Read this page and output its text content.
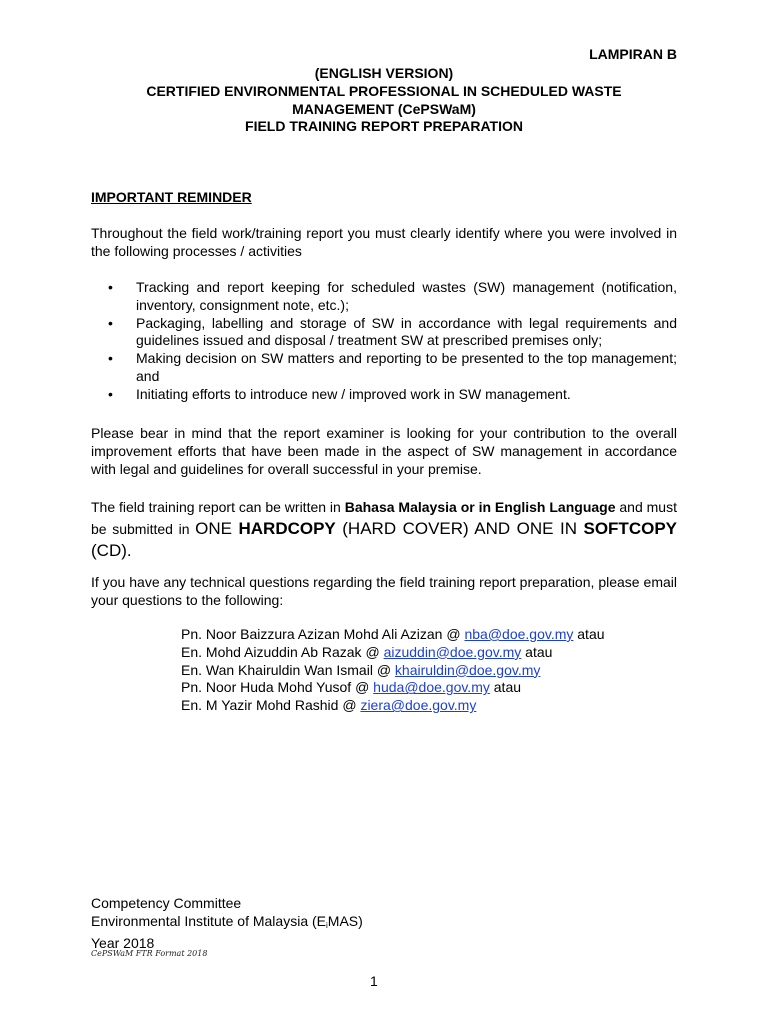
LAMPIRAN B
(ENGLISH VERSION)
CERTIFIED ENVIRONMENTAL PROFESSIONAL IN SCHEDULED WASTE
MANAGEMENT (CePSWaM)
FIELD TRAINING REPORT PREPARATION
IMPORTANT REMINDER
Throughout the field work/training report you must clearly identify where you were involved in the following processes / activities
• Tracking and report keeping for scheduled wastes (SW) management (notification, inventory, consignment note, etc.);
• Packaging, labelling and storage of SW in accordance with legal requirements and guidelines issued and disposal / treatment SW at prescribed premises only;
• Making decision on SW matters and reporting to be presented to the top management; and
• Initiating efforts to introduce new / improved work in SW management.
Please bear in mind that the report examiner is looking for your contribution to the overall improvement efforts that have been made in the aspect of SW management in accordance with legal and guidelines for overall successful in your premise.
The field training report can be written in Bahasa Malaysia or in English Language and must be submitted in ONE HARDCOPY (HARD COVER) AND ONE IN SOFTCOPY (CD).
If you have any technical questions regarding the field training report preparation, please email your questions to the following:
Pn. Noor Baizzura Azizan Mohd Ali Azizan @ nba@doe.gov.my atau
En. Mohd Aizuddin Ab Razak @ aizuddin@doe.gov.my atau
En. Wan Khairuldin Wan Ismail @ khairuldin@doe.gov.my
Pn. Noor Huda Mohd Yusof @ huda@doe.gov.my atau
En. M Yazir Mohd Rashid @ ziera@doe.gov.my
Competency Committee
Environmental Institute of Malaysia $(E_iMAS)$
Year 2018
CePSWaM FTR Format 2018
1
